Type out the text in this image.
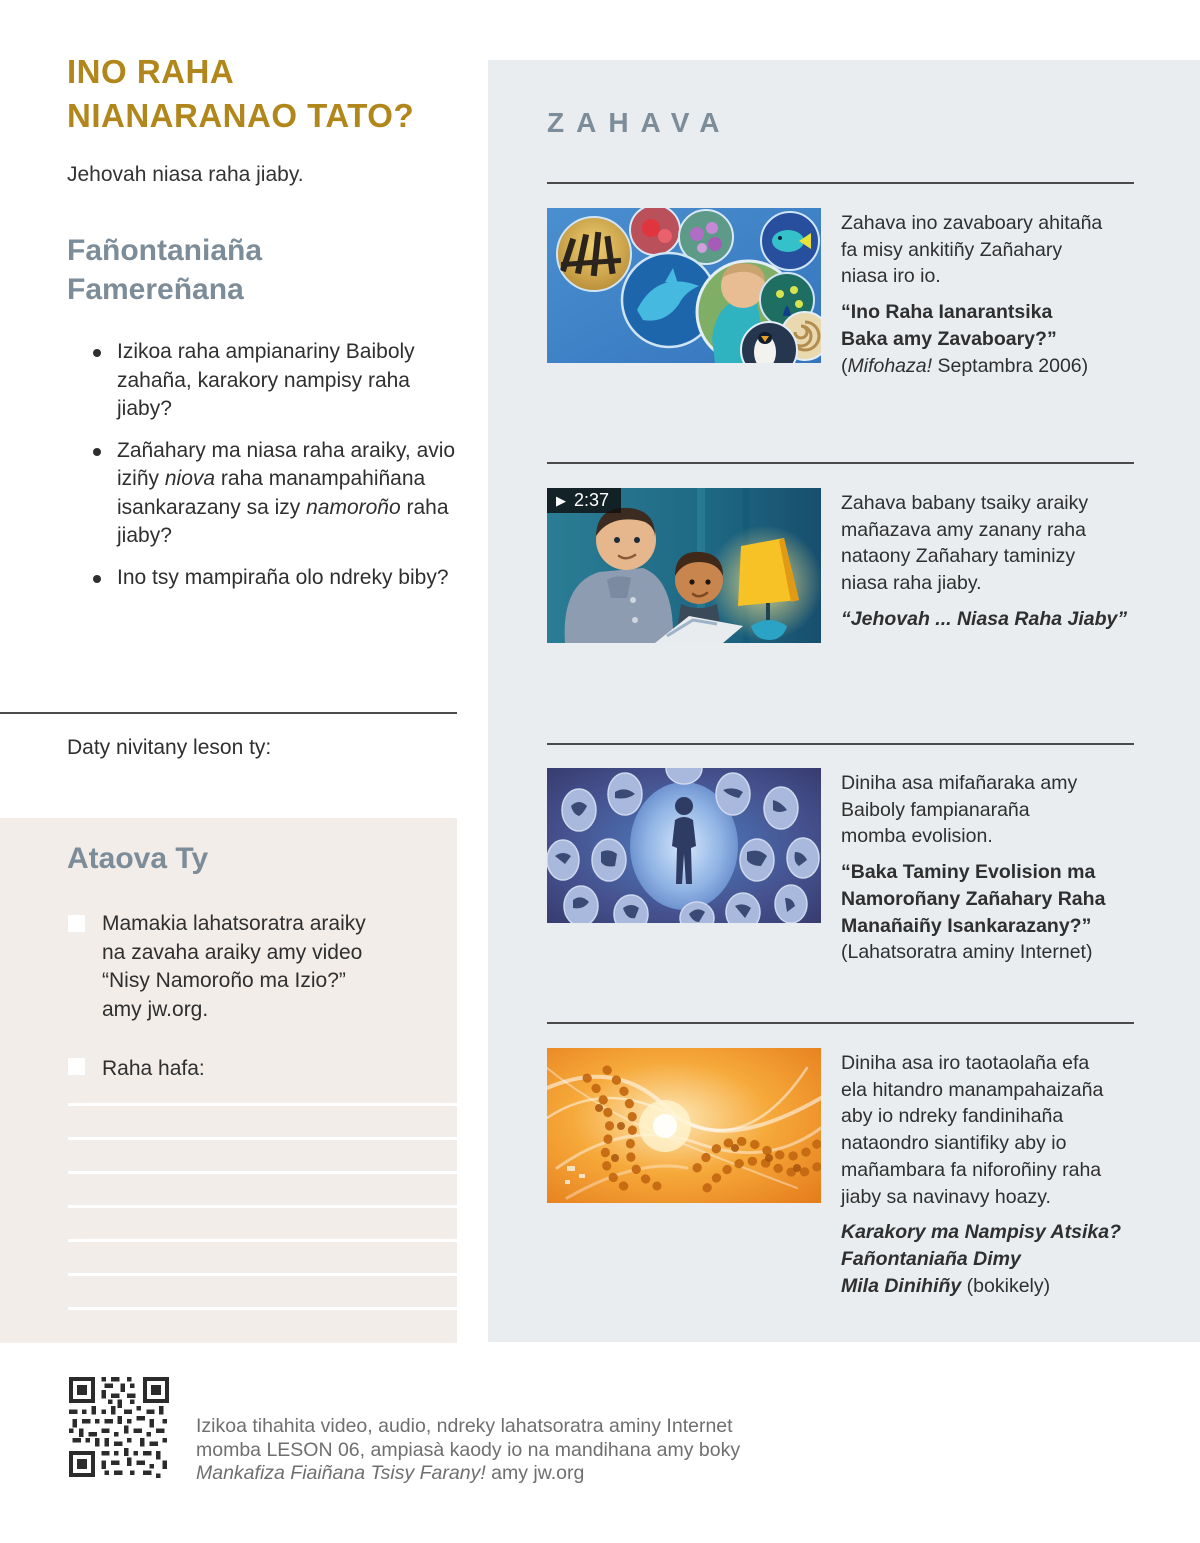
INO RAHA
NIANARANAO TATO?
Jehovah niasa raha jiaby.
Fañontaniaña
Famereñana
Izikoa raha ampianariny Baiboly zahaña, karakory nampisy raha jiaby?
Zañahary ma niasa raha araiky, avio iziñy niova raha manampahiñana isankarazany sa izy namoroño raha jiaby?
Ino tsy mampiraña olo ndreky biby?
Daty nivitany leson ty:
Ataova Ty
Mamakia lahatsoratra araiky
na zavaha araiky amy video
“Nisy Namoroño ma Izio?”
amy jw.org.
Raha hafa:
ZAHAVA
Zahava ino zavaboary ahitaña
fa misy ankitiñy Zañahary
niasa iro io.
“Ino Raha Ianarantsika
Baka amy Zavaboary?”
(Mifohaza! Septambra 2006)
▶ 2:37	Zahava babany tsaiky araiky
mañazava amy zanany raha
nataony Zañahary taminizy
niasa raha jiaby.
“Jehovah ... Niasa Raha Jiaby”
Diniha asa mifañaraka amy
Baiboly fampianaraña
momba evolision.
“Baka Taminy Evolision ma
Namoroñany Zañahary Raha
Manañaiñy Isankarazany?”
(Lahatsoratra aminy Internet)
Diniha asa iro taotaolaña efa
ela hitandro manampahaizaña
aby io ndreky fandinihaña
nataondro siantifiky aby io
mañambara fa niforoñiny raha
jiaby sa navinavy hoazy.
Karakory ma Nampisy Atsika?
Fañontaniaña Dimy
Mila Dinihiñy (bokikely)
Izikoa tihahita video, audio, ndreky lahatsoratra aminy Internet
momba LESON 06, ampiasà kaody io na mandihana amy boky
Mankafiza Fiaiñana Tsisy Farany! amy jw.org
